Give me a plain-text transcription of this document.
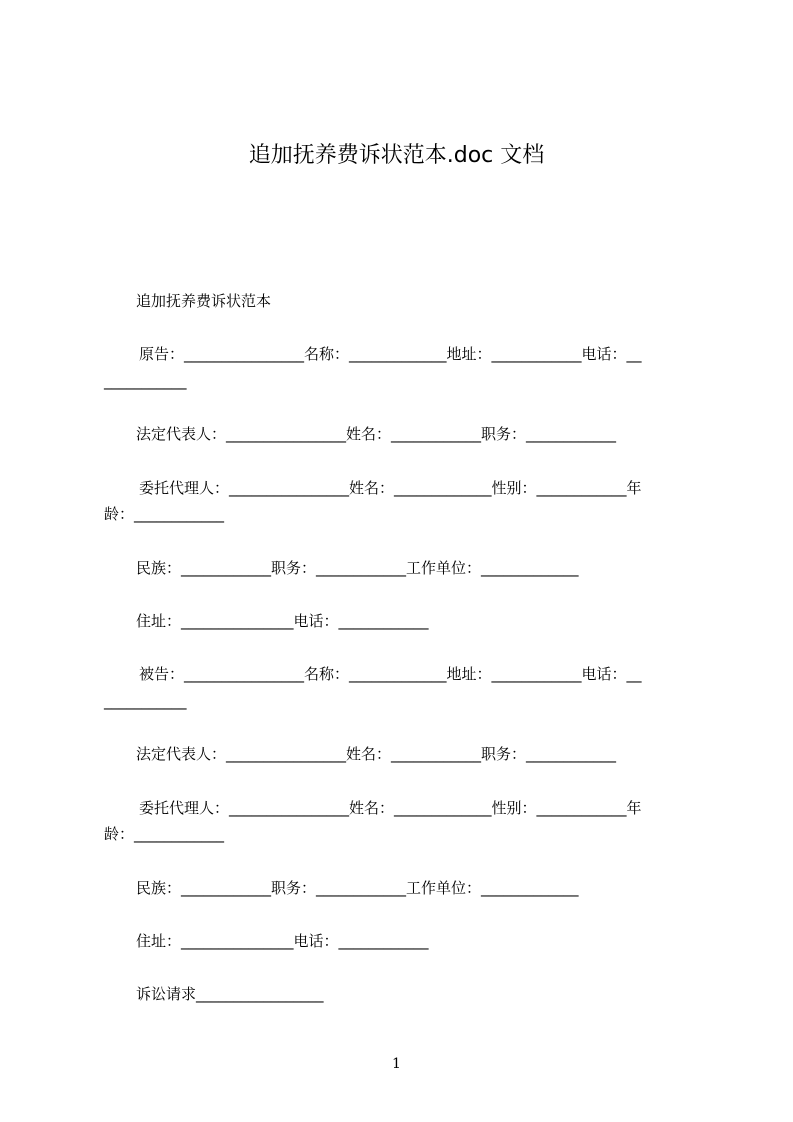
追加抚养费诉状范本.doc 文档
追加抚养费诉状范本
原告：________________名称：_____________地址：____________电话：__
___________
法定代表人：________________姓名：____________职务：____________
委托代理人：________________姓名：_____________性别：____________年
龄：____________
民族：____________职务：____________工作单位：_____________
住址：_______________电话：____________
被告：________________名称：_____________地址：____________电话：__
___________
法定代表人：________________姓名：____________职务：____________
委托代理人：________________姓名：_____________性别：____________年
龄：____________
民族：____________职务：____________工作单位：_____________
住址：_______________电话：____________
诉讼请求_________________
1
